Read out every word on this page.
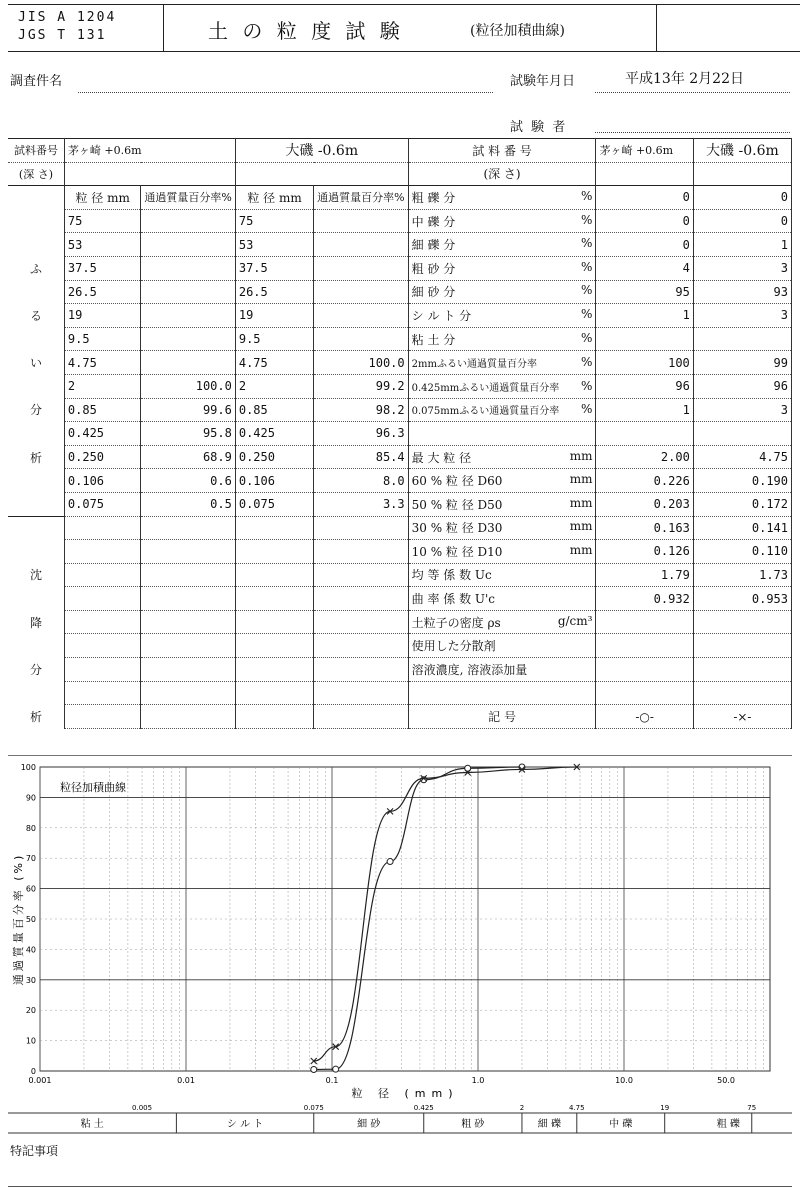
JIS A 1204
JGS T 131	土 の 粒 度 試 験	(粒径加積曲線)
調査件名	試験年月日	平成13年 2月22日
試 験 者
試料番号	茅ヶ崎 +0.6m		大磯 -0.6m		試 料 番 号	茅ヶ崎 +0.6m	大磯 -0.6m
(深 さ)					(深 さ)		
	粒 径 mm	通過質量百分率%	粒 径 mm	通過質量百分率%	粗 礫 分 %	0	0
	75		75		中 礫 分 %	0	0
	53		53		細 礫 分 %	0	1
ふ	37.5		37.5		粗 砂 分 %	4	3
	26.5		26.5		細 砂 分 %	95	93
る	19		19		シ ル ト 分 %	1	3
	9.5		9.5		粘 土 分 %		

い	4.75		4.75	100.0	2mmふるい通過質量百分率 %	100	99
	2	100.0	2	99.2	0.425mmふるい通過質量百分率 %	96	96
分	0.85	99.6	0.85	98.2	0.075mmふるい通過質量百分率 %	1	3
	0.425	95.8	0.425	96.3	

析	0.250	68.9	0.250	85.4	最 大 粒 径 mm	2.00	4.75
	0.106	0.6	0.106	8.0	60 % 粒 径 D60 mm	0.226	0.190
	0.075	0.5	0.075	3.3	50 % 粒 径 D50 mm	0.203	0.172

					30 % 粒 径 D30 mm	0.163	0.141

					10 % 粒 径 D10 mm	0.126	0.110
沈					均 等 係 数 Uc	1.79	1.73

					曲 率 係 数 U'c	0.932	0.953
降					土粒子の密度 ρs g/cm³		

					使用した分散剤		

分					溶液濃度, 溶液添加量		

析					記 号	-○-	-×-
0
10
20
30
40
50
60
70
80
90
100
0.001	0.01	0.1	1.0	10.0	50.0
粒径加積曲線
通過質量百分率 (%)
粒 径 (mm)
0.005	0.075	0.425	2	4.75	19	75
粘 土	シ ル ト	細 砂	粗 砂	細 礫	中 礫	粗 礫
特記事項
